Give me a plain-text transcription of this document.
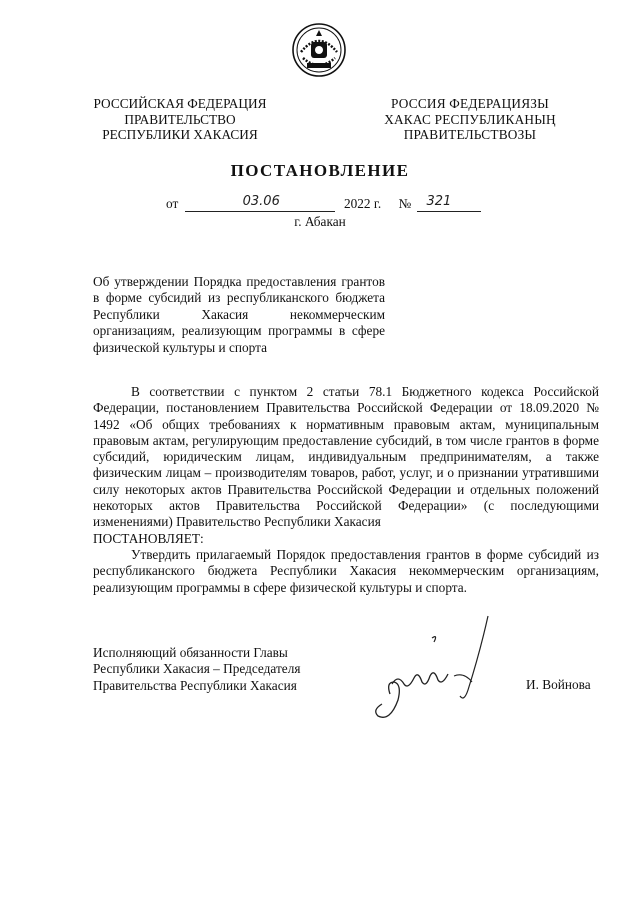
РОССИЙСКАЯ ФЕДЕРАЦИЯ
ПРАВИТЕЛЬСТВО
РЕСПУБЛИКИ ХАКАСИЯ
РОССИЯ ФЕДЕРАЦИЯЗЫ
ХАКАС РЕСПУБЛИКАНЫҢ
ПРАВИТЕЛЬСТВОЗЫ
ПОСТАНОВЛЕНИЕ
от	03.06	2022 г. № 321
г. Абакан
Об утверждении Порядка предоставления грантов в форме субсидий из республиканского бюджета Республики Хакасия некоммерческим организациям, реализующим программы в сфере физической культуры и спорта

В соответствии с пунктом 2 статьи 78.1 Бюджетного кодекса Российской Федерации, постановлением Правительства Российской Федерации от 18.09.2020 № 1492 «Об общих требованиях к нормативным правовым актам, муниципальным правовым актам, регулирующим предоставление субсидий, в том числе грантов в форме субсидий, юридическим лицам, индивидуальным предпринимателям, а также физическим лицам – производителям товаров, работ, услуг, и о признании утратившими силу некоторых актов Правительства Российской Федерации и отдельных положений некоторых актов Правительства Российской Федерации» (с последующими изменениями) Правительство Республики Хакасия

ПОСТАНОВЛЯЕТ:

Утвердить прилагаемый Порядок предоставления грантов в форме субсидий из республиканского бюджета Республики Хакасия некоммерческим организациям, реализующим программы в сфере физической культуры и спорта.

Исполняющий обязанности Главы
Республики Хакасия – Председателя
Правительства Республики Хакасия	И. Войнова
